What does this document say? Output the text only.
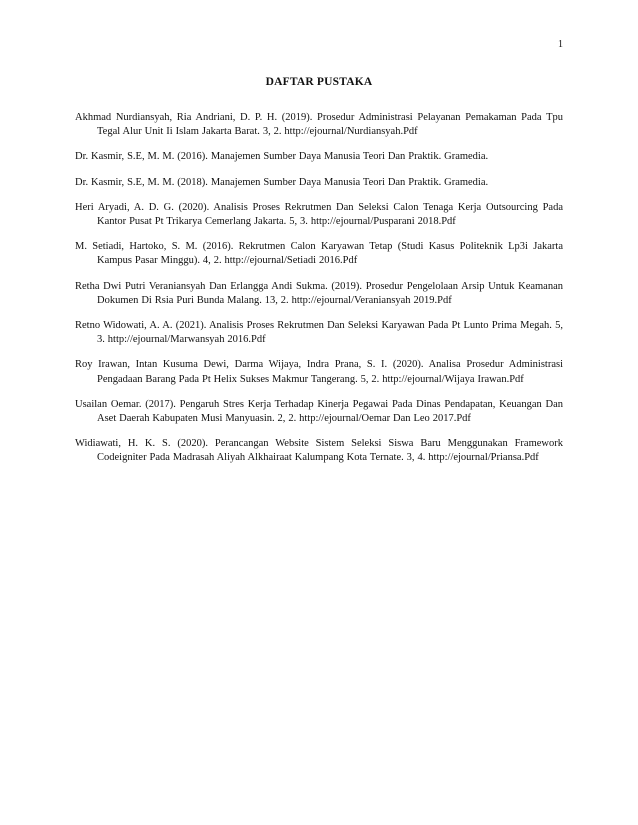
1
DAFTAR PUSTAKA
Akhmad Nurdiansyah, Ria Andriani, D. P. H. (2019). Prosedur Administrasi Pelayanan Pemakaman Pada Tpu Tegal Alur Unit Ii Islam Jakarta Barat. 3, 2. http://ejournal/Nurdiansyah.Pdf
Dr. Kasmir, S.E, M. M. (2016). Manajemen Sumber Daya Manusia Teori Dan Praktik. Gramedia.
Dr. Kasmir, S.E, M. M. (2018). Manajemen Sumber Daya Manusia Teori Dan Praktik. Gramedia.
Heri Aryadi, A. D. G. (2020). Analisis Proses Rekrutmen Dan Seleksi Calon Tenaga Kerja Outsourcing Pada Kantor Pusat Pt Trikarya Cemerlang Jakarta. 5, 3. http://ejournal/Pusparani 2018.Pdf
M. Setiadi, Hartoko, S. M. (2016). Rekrutmen Calon Karyawan Tetap (Studi Kasus Politeknik Lp3i Jakarta Kampus Pasar Minggu). 4, 2. http://ejournal/Setiadi 2016.Pdf
Retha Dwi Putri Veraniansyah Dan Erlangga Andi Sukma. (2019). Prosedur Pengelolaan Arsip Untuk Keamanan Dokumen Di Rsia Puri Bunda Malang. 13, 2. http://ejournal/Veraniansyah 2019.Pdf
Retno Widowati, A. A. (2021). Analisis Proses Rekrutmen Dan Seleksi Karyawan Pada Pt Lunto Prima Megah. 5, 3. http://ejournal/Marwansyah 2016.Pdf
Roy Irawan, Intan Kusuma Dewi, Darma Wijaya, Indra Prana, S. I. (2020). Analisa Prosedur Administrasi Pengadaan Barang Pada Pt Helix Sukses Makmur Tangerang. 5, 2. http://ejournal/Wijaya Irawan.Pdf
Usailan Oemar. (2017). Pengaruh Stres Kerja Terhadap Kinerja Pegawai Pada Dinas Pendapatan, Keuangan Dan Aset Daerah Kabupaten Musi Manyuasin. 2, 2. http://ejournal/Oemar Dan Leo 2017.Pdf
Widiawati, H. K. S. (2020). Perancangan Website Sistem Seleksi Siswa Baru Menggunakan Framework Codeigniter Pada Madrasah Aliyah Alkhairaat Kalumpang Kota Ternate. 3, 4. http://ejournal/Priansa.Pdf
